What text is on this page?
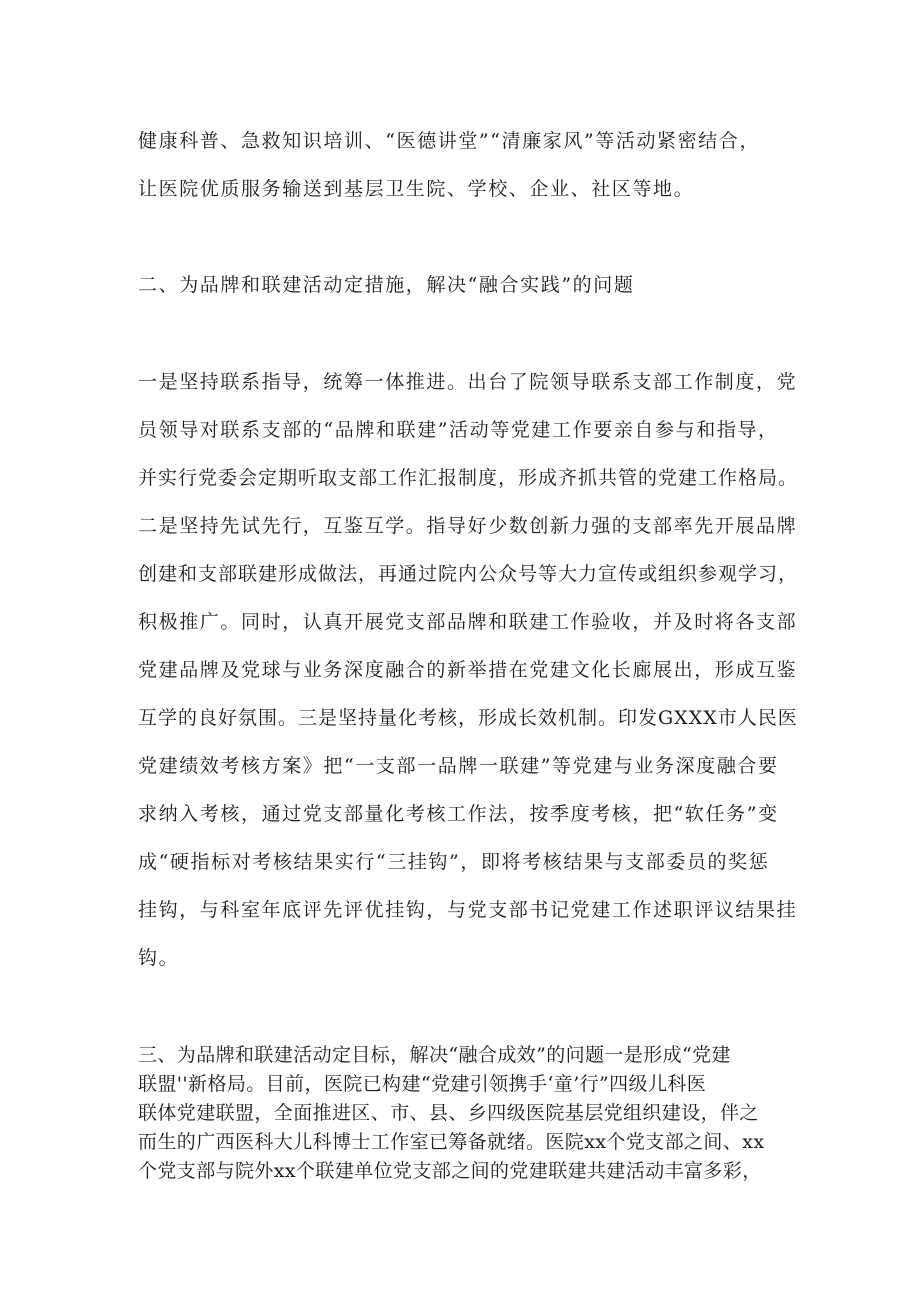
健康科普、急救知识培训、“医德讲堂”“清廉家风”等活动紧密结合，
让医院优质服务输送到基层卫生院、学校、企业、社区等地。
二、为品牌和联建活动定措施，解决“融合实践”的问题
一是坚持联系指导，统筹一体推进。出台了院领导联系支部工作制度，党
员领导对联系支部的“品牌和联建”活动等党建工作要亲自参与和指导，
并实行党委会定期听取支部工作汇报制度，形成齐抓共管的党建工作格局。
二是坚持先试先行，互鉴互学。指导好少数创新力强的支部率先开展品牌
创建和支部联建形成做法，再通过院内公众号等大力宣传或组织参观学习，
积极推广。同时，认真开展党支部品牌和联建工作验收，并及时将各支部
党建品牌及党球与业务深度融合的新举措在党建文化长廊展出，形成互鉴
互学的良好氛围。三是坚持量化考核，形成长效机制。印发GXXX市人民医
党建绩效考核方案》把“一支部一品牌一联建”等党建与业务深度融合要
求纳入考核，通过党支部量化考核工作法，按季度考核，把“软任务”变
成“硬指标对考核结果实行“三挂钩”，即将考核结果与支部委员的奖惩
挂钩，与科室年底评先评优挂钩，与党支部书记党建工作述职评议结果挂
钩。
三、为品牌和联建活动定目标，解决“融合成效”的问题一是形成“党建
联盟''新格局。目前，医院已构建“党建引领携手‘童’行”四级儿科医
联体党建联盟，全面推进区、市、县、乡四级医院基层党组织建设，伴之
而生的广西医科大儿科博士工作室已筹备就绪。医院xx个党支部之间、xx
个党支部与院外xx个联建单位党支部之间的党建联建共建活动丰富多彩，
